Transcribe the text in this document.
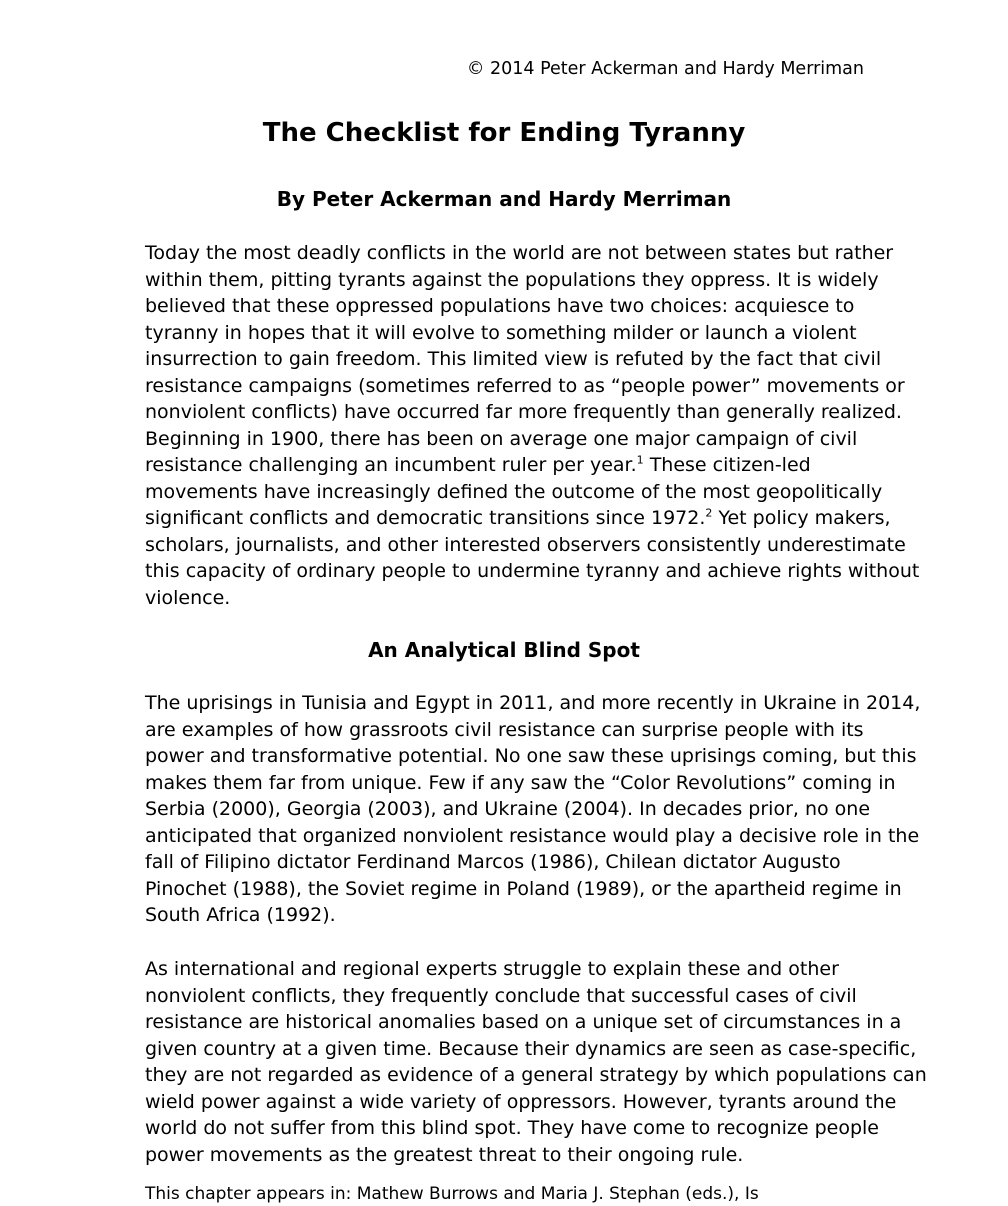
© 2014 Peter Ackerman and Hardy Merriman
The Checklist for Ending Tyranny
By Peter Ackerman and Hardy Merriman
Today the most deadly conflicts in the world are not between states but rather
within them, pitting tyrants against the populations they oppress. It is widely
believed that these oppressed populations have two choices: acquiesce to
tyranny in hopes that it will evolve to something milder or launch a violent
insurrection to gain freedom. This limited view is refuted by the fact that civil
resistance campaigns (sometimes referred to as “people power” movements or
nonviolent conflicts) have occurred far more frequently than generally realized.
Beginning in 1900, there has been on average one major campaign of civil
resistance challenging an incumbent ruler per year.$^1$ These citizen-led
movements have increasingly defined the outcome of the most geopolitically
significant conflicts and democratic transitions since 1972.$^2$ Yet policy makers,
scholars, journalists, and other interested observers consistently underestimate
this capacity of ordinary people to undermine tyranny and achieve rights without
violence.
An Analytical Blind Spot
The uprisings in Tunisia and Egypt in 2011, and more recently in Ukraine in 2014,
are examples of how grassroots civil resistance can surprise people with its
power and transformative potential. No one saw these uprisings coming, but this
makes them far from unique. Few if any saw the “Color Revolutions” coming in
Serbia (2000), Georgia (2003), and Ukraine (2004). In decades prior, no one
anticipated that organized nonviolent resistance would play a decisive role in the
fall of Filipino dictator Ferdinand Marcos (1986), Chilean dictator Augusto
Pinochet (1988), the Soviet regime in Poland (1989), or the apartheid regime in
South Africa (1992).
As international and regional experts struggle to explain these and other
nonviolent conflicts, they frequently conclude that successful cases of civil
resistance are historical anomalies based on a unique set of circumstances in a
given country at a given time. Because their dynamics are seen as case-specific,
they are not regarded as evidence of a general strategy by which populations can
wield power against a wide variety of oppressors. However, tyrants around the
world do not suffer from this blind spot. They have come to recognize people
power movements as the greatest threat to their ongoing rule.
This chapter appears in: Mathew Burrows and Maria J. Stephan (eds.), Is
